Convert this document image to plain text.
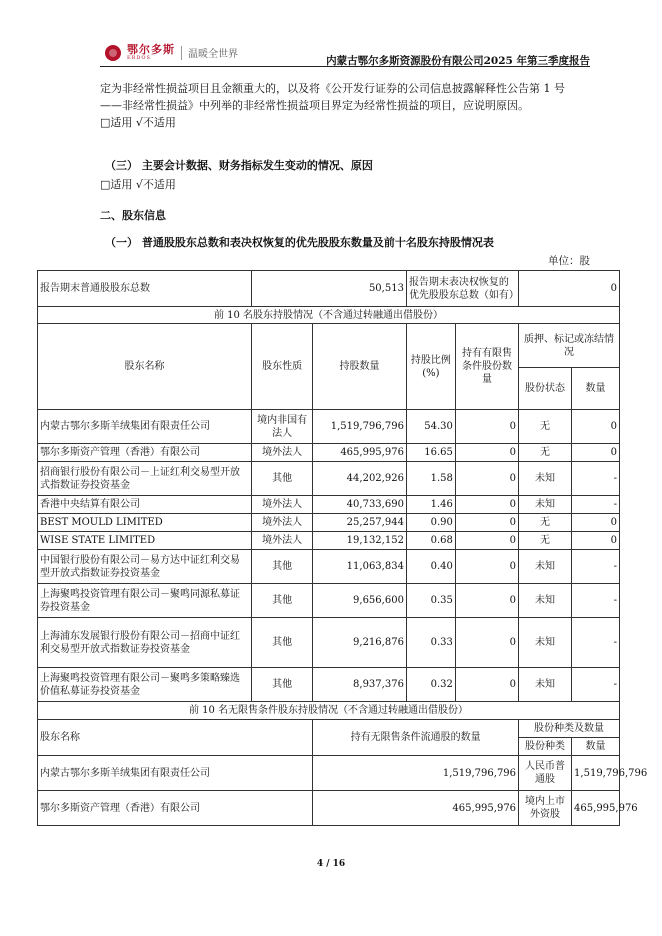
鄂尔多斯
ERDOS	温暖全世界
内蒙古鄂尔多斯资源股份有限公司2025 年第三季度报告
定为非经常性损益项目且金额重大的，以及将《公开发行证券的公司信息披露解释性公告第 1 号
——非经常性损益》中列举的非经常性损益项目界定为经常性损益的项目，应说明原因。
□适用 √不适用
（三） 主要会计数据、财务指标发生变动的情况、原因
□适用 √不适用
二、股东信息
（一） 普通股股东总数和表决权恢复的优先股股东数量及前十名股东持股情况表
单位：股
报告期末普通股股东总数	50,513		报告期末表决权恢复的优先股股东总数（如有）		0	
前 10 名股东持股情况（不含通过转融通出借股份）						
股东名称	股东性质	持股数量	持股比例(%)	持有有限售条件股份数量	质押、标记或冻结情况	
					股份状态	数量
内蒙古鄂尔多斯羊绒集团有限责任公司	境内非国有法人	1,519,796,796	54.30	0	无	0
鄂尔多斯资产管理（香港）有限公司	境外法人	465,995,976	16.65	0	无	0
招商银行股份有限公司－上证红利交易型开放式指数证券投资基金	其他	44,202,926	1.58	0	未知	-
香港中央结算有限公司	境外法人	40,733,690	1.46	0	未知	-
BEST MOULD LIMITED	境外法人	25,257,944	0.90	0	无	0
WISE STATE LIMITED	境外法人	19,132,152	0.68	0	无	0
中国银行股份有限公司－易方达中证红利交易型开放式指数证券投资基金	其他	11,063,834	0.40	0	未知	-
上海聚鸣投资管理有限公司－聚鸣同源私募证券投资基金	其他	9,656,600	0.35	0	未知	-
上海浦东发展银行股份有限公司－招商中证红利交易型开放式指数证券投资基金	其他	9,216,876	0.33	0	未知	-
上海聚鸣投资管理有限公司－聚鸣多策略臻选价值私募证券投资基金	其他	8,937,376	0.32	0	未知	-
前 10 名无限售条件股东持股情况（不含通过转融通出借股份）						
股东名称		持有无限售条件流通股的数量			股份种类及数量	
					股份种类	数量
内蒙古鄂尔多斯羊绒集团有限责任公司		1,519,796,796			人民币普通股	1,519,796,796
鄂尔多斯资产管理（香港）有限公司		465,995,976			境内上市外资股	465,995,976
4 / 16
